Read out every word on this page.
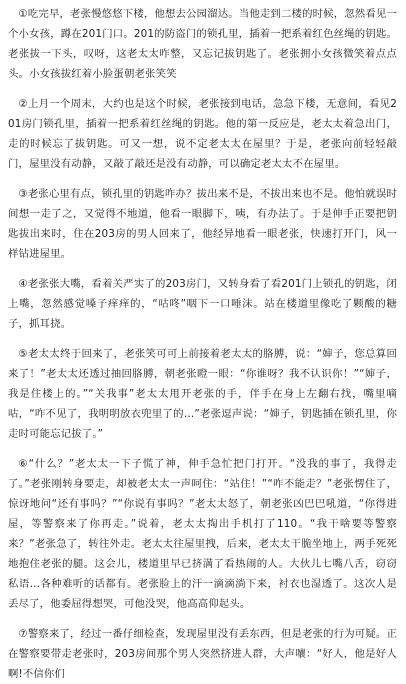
①吃完早，老张慢悠悠下楼，他想去公园溜达。当他走到二楼的时候，忽然看见一个小女孩，蹲在201门口。201的防盗门的锁孔里，插着一把系着红色丝绳的钥匙。老张拔一下头，叹呀，这老太太咋整，又忘记拔钥匙了。老张拥小女孩微笑着点点头。小女孩拔红着小脸蛋朝老张笑笑

②上月一个周末，大约也是这个时候，老张接到电话，急急下楼，无意间，看见201房门锁孔里，插着一把系着红丝绳的钥匙。他的第一反应是，老太太着急出门，走的时候忘了拔钥匙。可又一想，说不定老太太在屋里？于是，老张向前轻轻敲门，屋里没有动静，又敲了敲还是没有动静，可以确定老太太不在屋里。

③老张心里有点，锁孔里的钥匙咋办？拔出来不是，不拔出来也不是。他怕就误时间想一走了之，又觉得不地道，他看一眼脚下，咦，有办法了。于是伸手正要把钥匙拔出来时，住在203房的男人回来了，他经异地看一眼老张，快速打开门，风一样钻进屋里。

④老张张大嘴，看着关严实了的203房门，又转身看了看201门上锁孔的钥匙，闭上嘴，忽然感觉嗓子痒痒的，“咕咚”咽下一口唾沫。站在楼道里像吃了颗酸的糖子，抓耳挠。

⑤老太太终于回来了，老张笑可可上前接着老太太的胳膊，说：“婶子，您总算回来了！”老太太还透过抽回胳膊，朝老张瞪一眼：“你谁呀？我不认识你！”“婶子，我是住楼上的。”“关我事”老太太甩开老张的手，伴手在身上左翻右找，嘴里嘀咕，“咋不见了，我明明放衣兜里了的…”老张逗声说：“婶子，钥匙插在锁孔里，你走时可能忘记拔了。”

⑥“什么？”老太太一下子慌了神，伸手急忙把门打开。“没我的事了，我得走了。”老张刚转身要走，却被老太太一声呵住：“站住！”“咋不能走？”老张愣住了，惊讶地问“还有事吗？”“你说有事吗？”老太太怒了，朝老张凶巴巴吼道，“你得进屋，等警察来了你再走。”说着，老太太掏出手机打了110。“我干啥要等警察来？”老张急了，转往外走。老太太往屋里拽，后来，老太太干脆坐地上，两手死死地抱住老张的腿。这会儿，楼道里早已挤满了看热闹的人。大伙儿七嘴八舌，窃窃私语…各种难听的话都有。老张脸上的汗一滴滴淌下来，衬衣也湿透了。这次人是丢尽了，他委屈得想哭，可他没哭，他高高仰起头。

⑦警察来了，经过一番仔细检查，发现屋里没有丢东西，但是老张的行为可疑。正在警察要带走老张时，203房间那个男人突然挤进人群，大声嚷：“好人，他是好人啊!不信你们
